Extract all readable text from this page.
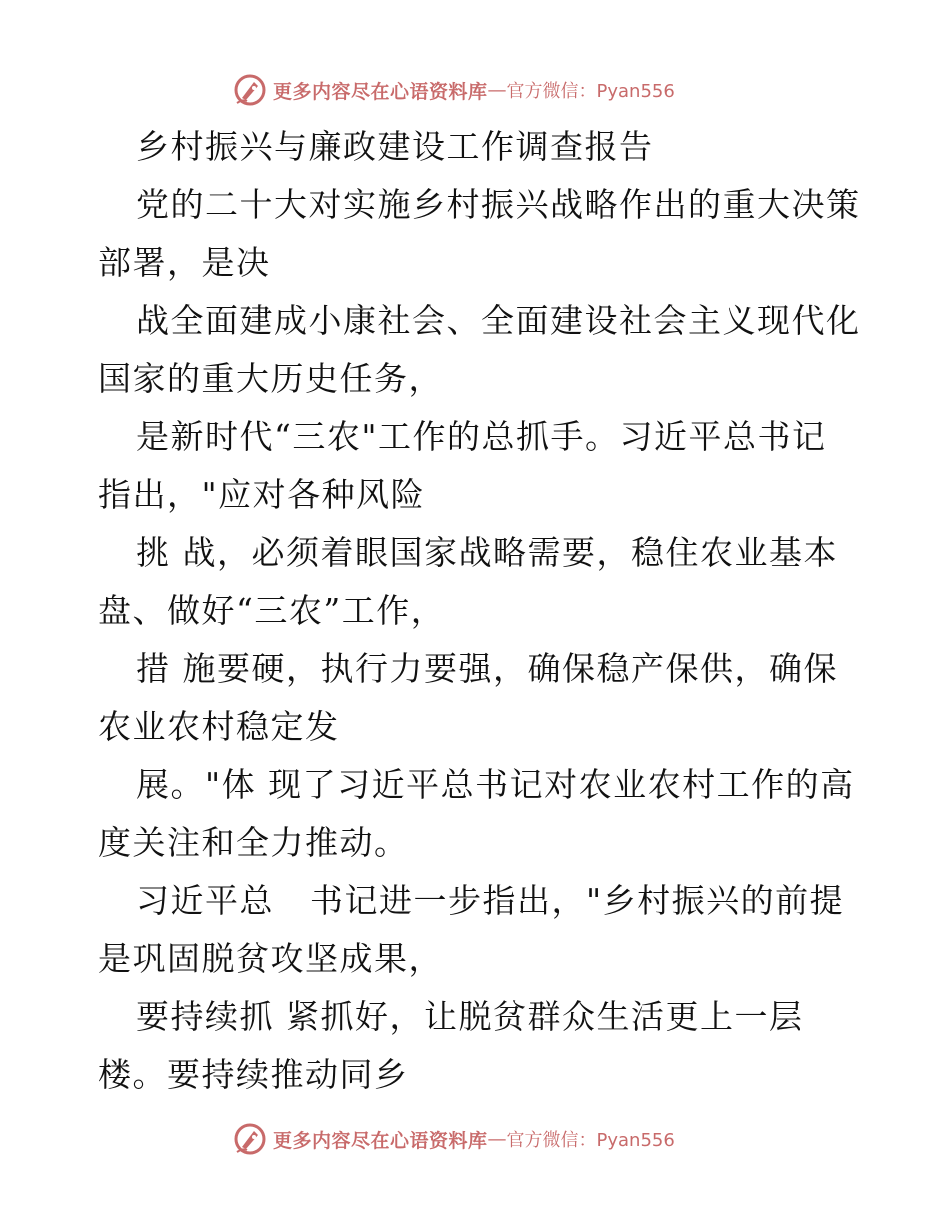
更多内容尽在心语资料库 — 官方微信：Pyan556
乡村振兴与廉政建设工作调查报告
党的二十大对实施乡村振兴战略作出的重大决策
部署，是决
战全面建成小康社会、全面建设社会主义现代化
国家的重大历史任务，
是新时代“三农"工作的总抓手。习近平总书记
指出，"应对各种风险
挑 战，必须着眼国家战略需要，稳住农业基本
盘、做好“三农”工作，
措 施要硬，执行力要强，确保稳产保供，确保
农业农村稳定发
展。"体 现了习近平总书记对农业农村工作的高
度关注和全力推动。
习近平总   书记进一步指出，"乡村振兴的前提
是巩固脱贫攻坚成果，
要持续抓 紧抓好，让脱贫群众生活更上一层
楼。要持续推动同乡
更多内容尽在心语资料库 — 官方微信：Pyan556
